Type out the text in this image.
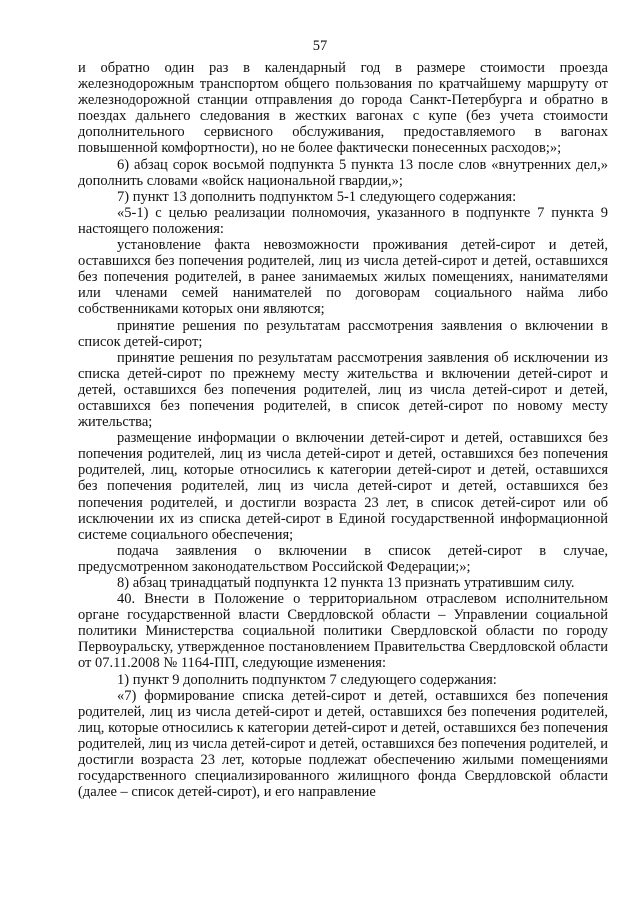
57

и обратно один раз в календарный год в размере стоимости проезда железнодорожным транспортом общего пользования по кратчайшему маршруту от железнодорожной станции отправления до города Санкт-Петербурга и обратно в поездах дальнего следования в жестких вагонах с купе (без учета стоимости дополнительного сервисного обслуживания, предоставляемого в вагонах повышенной комфортности), но не более фактически понесенных расходов;»;

6) абзац сорок восьмой подпункта 5 пункта 13 после слов «внутренних дел,» дополнить словами «войск национальной гвардии,»;

7) пункт 13 дополнить подпунктом 5-1 следующего содержания:

«5-1) с целью реализации полномочия, указанного в подпункте 7 пункта 9 настоящего положения:

установление факта невозможности проживания детей-сирот и детей, оставшихся без попечения родителей, лиц из числа детей-сирот и детей, оставшихся без попечения родителей, в ранее занимаемых жилых помещениях, нанимателями или членами семей нанимателей по договорам социального найма либо собственниками которых они являются;

принятие решения по результатам рассмотрения заявления о включении в список детей-сирот;

принятие решения по результатам рассмотрения заявления об исключении из списка детей-сирот по прежнему месту жительства и включении детей-сирот и детей, оставшихся без попечения родителей, лиц из числа детей-сирот и детей, оставшихся без попечения родителей, в список детей-сирот по новому месту жительства;

размещение информации о включении детей-сирот и детей, оставшихся без попечения родителей, лиц из числа детей-сирот и детей, оставшихся без попечения родителей, лиц, которые относились к категории детей-сирот и детей, оставшихся без попечения родителей, лиц из числа детей-сирот и детей, оставшихся без попечения родителей, и достигли возраста 23 лет, в список детей-сирот или об исключении их из списка детей-сирот в Единой государственной информационной системе социального обеспечения;

подача заявления о включении в список детей-сирот в случае, предусмотренном законодательством Российской Федерации;»;

8) абзац тринадцатый подпункта 12 пункта 13 признать утратившим силу.

40. Внести в Положение о территориальном отраслевом исполнительном органе государственной власти Свердловской области – Управлении социальной политики Министерства социальной политики Свердловской области по городу Первоуральску, утвержденное постановлением Правительства Свердловской области от 07.11.2008 № 1164-ПП, следующие изменения:

1) пункт 9 дополнить подпунктом 7 следующего содержания:

«7) формирование списка детей-сирот и детей, оставшихся без попечения родителей, лиц из числа детей-сирот и детей, оставшихся без попечения родителей, лиц, которые относились к категории детей-сирот и детей, оставшихся без попечения родителей, лиц из числа детей-сирот и детей, оставшихся без попечения родителей, и достигли возраста 23 лет, которые подлежат обеспечению жилыми помещениями государственного специализированного жилищного фонда Свердловской области (далее – список детей-сирот), и его направление
